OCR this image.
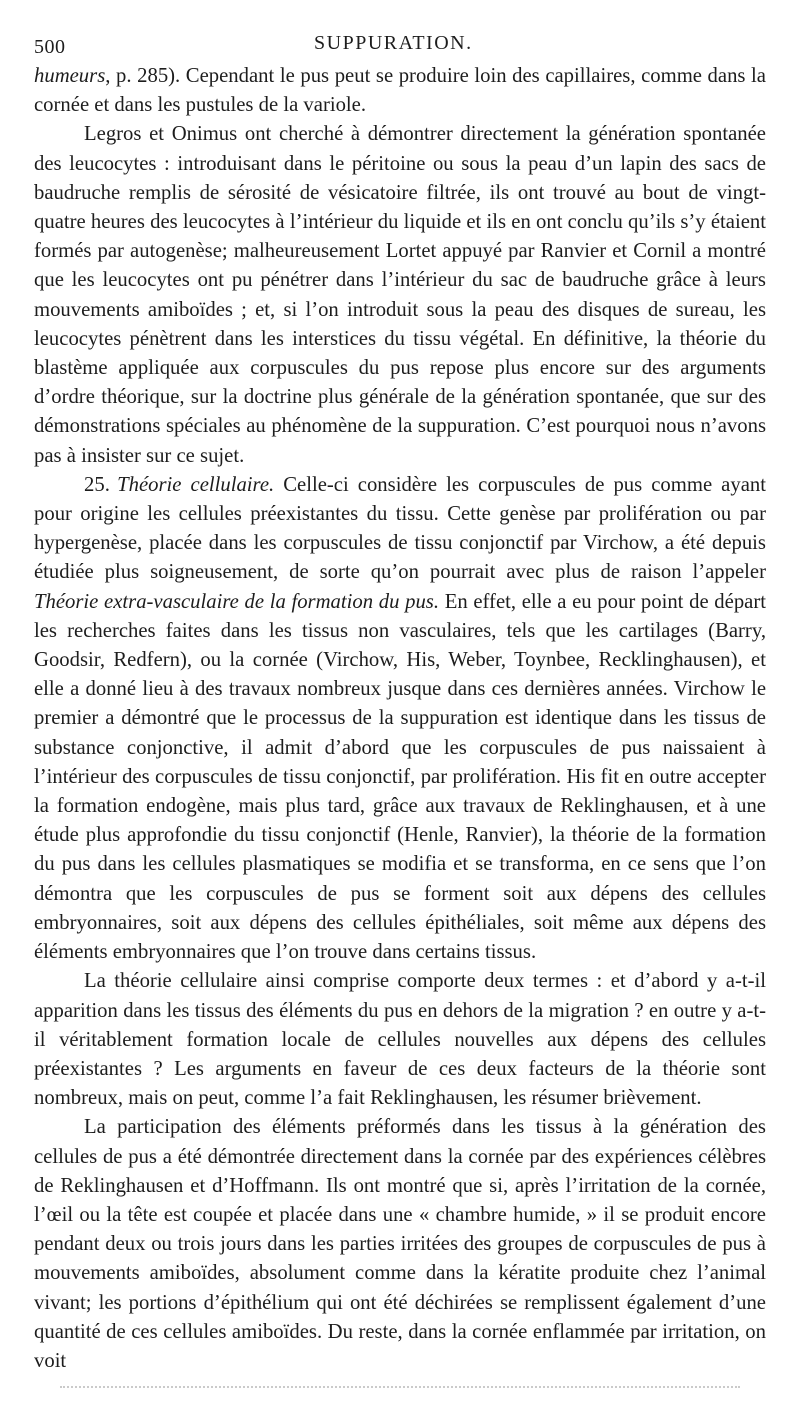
500	SUPPURATION.

humeurs, p. 285). Cependant le pus peut se produire loin des capillaires, comme dans la cornée et dans les pustules de la variole.

Legros et Onimus ont cherché à démontrer directement la génération spontanée des leucocytes : introduisant dans le péritoine ou sous la peau d’un lapin des sacs de baudruche remplis de sérosité de vésicatoire filtrée, ils ont trouvé au bout de vingt-quatre heures des leucocytes à l’intérieur du liquide et ils en ont conclu qu’ils s’y étaient formés par autogenèse; malheureusement Lortet appuyé par Ranvier et Cornil a montré que les leucocytes ont pu pénétrer dans l’intérieur du sac de baudruche grâce à leurs mouvements amiboïdes ; et, si l’on introduit sous la peau des disques de sureau, les leucocytes pénètrent dans les interstices du tissu végétal. En définitive, la théorie du blastème appliquée aux corpuscules du pus repose plus encore sur des arguments d’ordre théorique, sur la doctrine plus générale de la génération spontanée, que sur des démonstrations spéciales au phénomène de la suppuration. C’est pourquoi nous n’avons pas à insister sur ce sujet.

25. Théorie cellulaire. Celle-ci considère les corpuscules de pus comme ayant pour origine les cellules préexistantes du tissu. Cette genèse par prolifération ou par hypergenèse, placée dans les corpuscules de tissu conjonctif par Virchow, a été depuis étudiée plus soigneusement, de sorte qu’on pourrait avec plus de raison l’appeler Théorie extra-vasculaire de la formation du pus. En effet, elle a eu pour point de départ les recherches faites dans les tissus non vasculaires, tels que les cartilages (Barry, Goodsir, Redfern), ou la cornée (Virchow, His, Weber, Toynbee, Recklinghausen), et elle a donné lieu à des travaux nombreux jusque dans ces dernières années. Virchow le premier a démontré que le processus de la suppuration est identique dans les tissus de substance conjonctive, il admit d’abord que les corpuscules de pus naissaient à l’intérieur des corpuscules de tissu conjonctif, par prolifération. His fit en outre accepter la formation endogène, mais plus tard, grâce aux travaux de Reklinghausen, et à une étude plus approfondie du tissu conjonctif (Henle, Ranvier), la théorie de la formation du pus dans les cellules plasmatiques se modifia et se transforma, en ce sens que l’on démontra que les corpuscules de pus se forment soit aux dépens des cellules embryonnaires, soit aux dépens des cellules épithéliales, soit même aux dépens des éléments embryonnaires que l’on trouve dans certains tissus.

La théorie cellulaire ainsi comprise comporte deux termes : et d’abord y a-t-il apparition dans les tissus des éléments du pus en dehors de la migration ? en outre y a-t-il véritablement formation locale de cellules nouvelles aux dépens des cellules préexistantes ? Les arguments en faveur de ces deux facteurs de la théorie sont nombreux, mais on peut, comme l’a fait Reklinghausen, les résumer brièvement.

La participation des éléments préformés dans les tissus à la génération des cellules de pus a été démontrée directement dans la cornée par des expériences célèbres de Reklinghausen et d’Hoffmann. Ils ont montré que si, après l’irritation de la cornée, l’œil ou la tête est coupée et placée dans une « chambre humide, » il se produit encore pendant deux ou trois jours dans les parties irritées des groupes de corpuscules de pus à mouvements amiboïdes, absolument comme dans la kératite produite chez l’animal vivant; les portions d’épithélium qui ont été déchirées se remplissent également d’une quantité de ces cellules amiboïdes. Du reste, dans la cornée enflammée par irritation, on voit
